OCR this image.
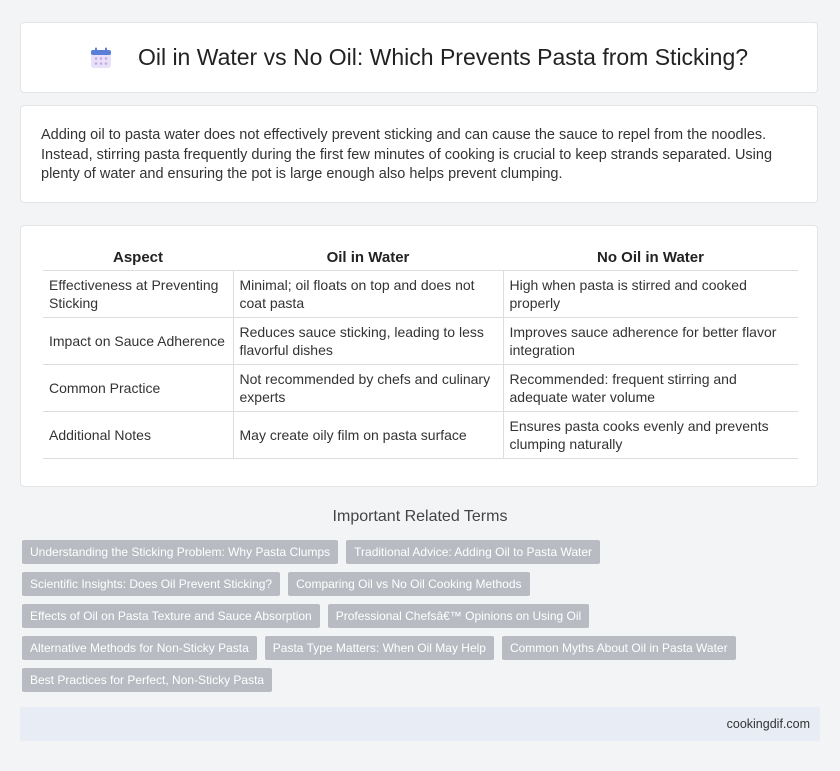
Oil in Water vs No Oil: Which Prevents Pasta from Sticking?

Adding oil to pasta water does not effectively prevent sticking and can cause the sauce to repel from the noodles. Instead, stirring pasta frequently during the first few minutes of cooking is crucial to keep strands separated. Using plenty of water and ensuring the pot is large enough also helps prevent clumping.

Aspect	Oil in Water	No Oil in Water
Effectiveness at Preventing Sticking	Minimal; oil floats on top and does not coat pasta	High when pasta is stirred and cooked properly
Impact on Sauce Adherence	Reduces sauce sticking, leading to less flavorful dishes	Improves sauce adherence for better flavor integration
Common Practice	Not recommended by chefs and culinary experts	Recommended: frequent stirring and adequate water volume
Additional Notes	May create oily film on pasta surface	Ensures pasta cooks evenly and prevents clumping naturally
Important Related Terms
Understanding the Sticking Problem: Why Pasta Clumps	Traditional Advice: Adding Oil to Pasta Water
Scientific Insights: Does Oil Prevent Sticking?	Comparing Oil vs No Oil Cooking Methods
Effects of Oil on Pasta Texture and Sauce Absorption	Professional Chefsâ€™ Opinions on Using Oil
Alternative Methods for Non-Sticky Pasta	Pasta Type Matters: When Oil May Help	Common Myths About Oil in Pasta Water
Best Practices for Perfect, Non-Sticky Pasta
cookingdif.com
